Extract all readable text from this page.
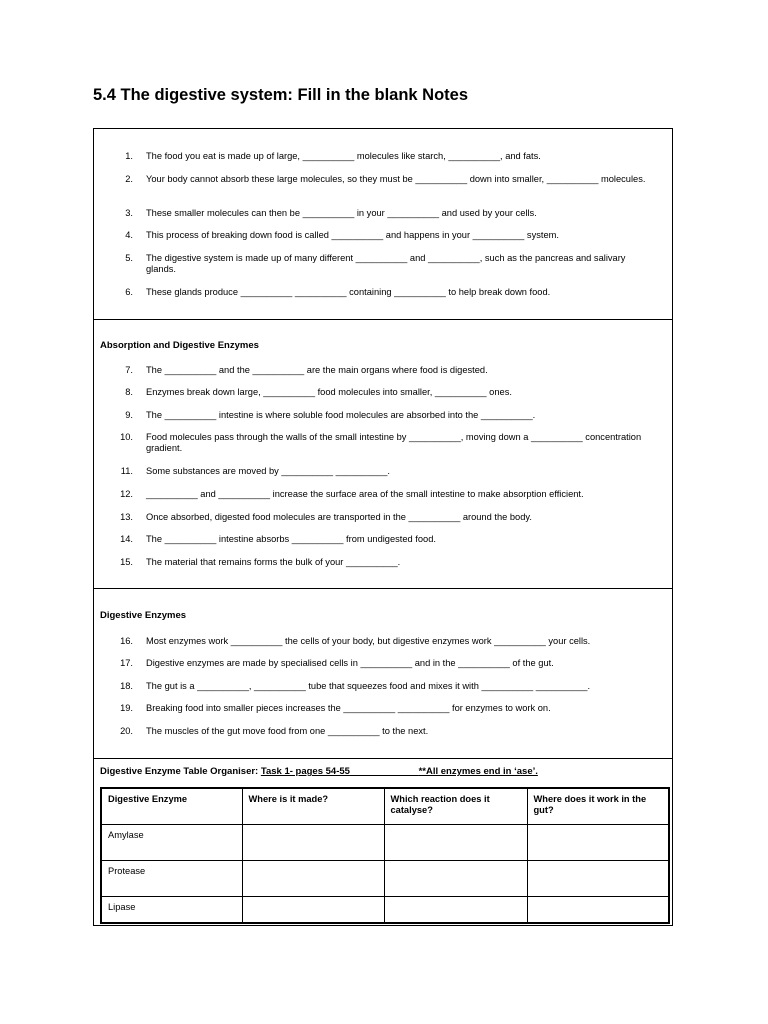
5.4 The digestive system: Fill in the blank Notes
1. The food you eat is made up of large, __________ molecules like starch, __________, and fats.
2. Your body cannot absorb these large molecules, so they must be __________ down into smaller, __________ molecules.
3. These smaller molecules can then be __________ in your __________ and used by your cells.
4. This process of breaking down food is called __________ and happens in your __________ system.
5. The digestive system is made up of many different __________ and __________, such as the pancreas and salivary glands.
6. These glands produce __________ __________ containing __________ to help break down food.
Absorption and Digestive Enzymes
7. The __________ and the __________ are the main organs where food is digested.
8. Enzymes break down large, __________ food molecules into smaller, __________ ones.
9. The __________ intestine is where soluble food molecules are absorbed into the __________.
10. Food molecules pass through the walls of the small intestine by __________, moving down a __________ concentration gradient.
11. Some substances are moved by __________ __________.
12. __________ and __________ increase the surface area of the small intestine to make absorption efficient.
13. Once absorbed, digested food molecules are transported in the __________ around the body.
14. The __________ intestine absorbs __________ from undigested food.
15. The material that remains forms the bulk of your __________.
Digestive Enzymes
16. Most enzymes work __________ the cells of your body, but digestive enzymes work __________ your cells.
17. Digestive enzymes are made by specialised cells in __________ and in the __________ of the gut.
18. The gut is a __________, __________ tube that squeezes food and mixes it with __________ __________.
19. Breaking food into smaller pieces increases the __________ __________ for enzymes to work on.
20. The muscles of the gut move food from one __________ to the next.
Digestive Enzyme Table Organiser: Task 1- pages 54-55	**All enzymes end in ‘ase’.
Digestive Enzyme	Where is it made?	Which reaction does it catalyse?	Where does it work in the gut?
Amylase			
Protease			
Lipase			
